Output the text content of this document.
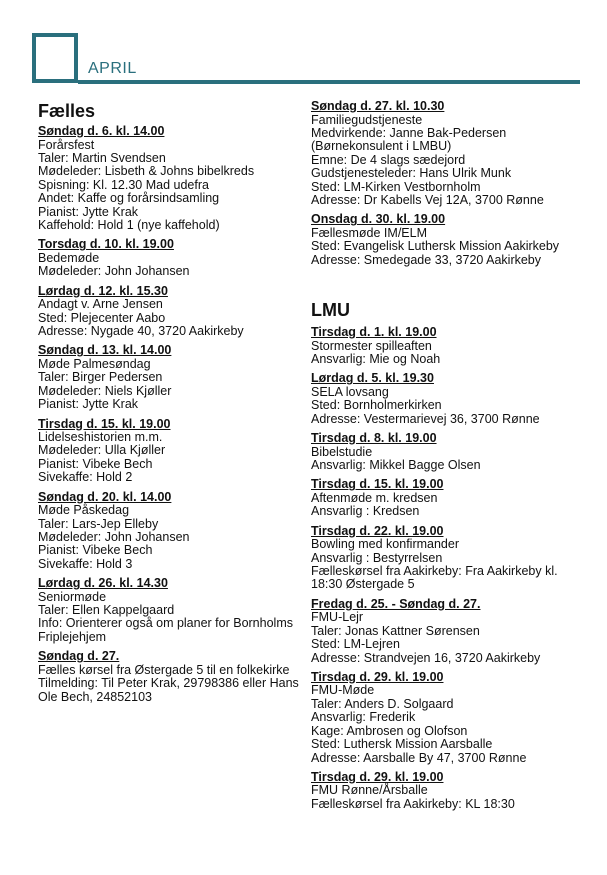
APRIL
Fælles
Søndag d. 6. kl. 14.00
Forårsfest
Taler: Martin Svendsen
Mødeleder: Lisbeth & Johns bibelkreds
Spisning: Kl. 12.30 Mad udefra
Andet: Kaffe og forårsindsamling
Pianist: Jytte Krak
Kaffehold: Hold 1 (nye kaffehold)
Torsdag d. 10. kl. 19.00
Bedemøde
Mødeleder: John Johansen
Lørdag d. 12. kl. 15.30
Andagt v. Arne Jensen
Sted: Plejecenter Aabo
Adresse: Nygade 40, 3720 Aakirkeby
Søndag d. 13. kl. 14.00
Møde Palmesøndag
Taler: Birger Pedersen
Mødeleder: Niels Kjøller
Pianist: Jytte Krak
Tirsdag d. 15. kl. 19.00
Lidelseshistorien m.m.
Mødeleder: Ulla Kjøller
Pianist: Vibeke Bech
Sivekaffe: Hold 2
Søndag d. 20. kl. 14.00
Møde Påskedag
Taler: Lars-Jep Elleby
Mødeleder: John Johansen
Pianist: Vibeke Bech
Sivekaffe: Hold 3
Lørdag d. 26. kl. 14.30
Seniormøde
Taler: Ellen Kappelgaard
Info: Orienterer også om planer for Bornholms Friplejehjem
Søndag d. 27.
Fælles kørsel fra Østergade 5 til en folkekirke
Tilmelding: Til Peter Krak, 29798386 eller Hans Ole Bech, 24852103
Søndag d. 27. kl. 10.30
Familiegudstjeneste
Medvirkende: Janne Bak-Pedersen (Børnekonsulent i LMBU)
Emne: De 4 slags sædejord
Gudstjenesteleder: Hans Ulrik Munk
Sted: LM-Kirken Vestbornholm
Adresse: Dr Kabells Vej 12A, 3700 Rønne
Onsdag d. 30. kl. 19.00
Fællesmøde IM/ELM
Sted: Evangelisk Luthersk Mission Aakirkeby
Adresse: Smedegade 33, 3720 Aakirkeby
LMU
Tirsdag d. 1. kl. 19.00
Stormester spilleaften
Ansvarlig: Mie og Noah
Lørdag d. 5. kl. 19.30
SELA lovsang
Sted: Bornholmerkirken
Adresse: Vestermarievej 36, 3700 Rønne
Tirsdag d. 8. kl. 19.00
Bibelstudie
Ansvarlig: Mikkel Bagge Olsen
Tirsdag d. 15. kl. 19.00
Aftenmøde m. kredsen
Ansvarlig : Kredsen
Tirsdag d. 22. kl. 19.00
Bowling med konfirmander
Ansvarlig : Bestyrrelsen
Fælleskørsel fra Aakirkeby: Fra Aakirkeby kl. 18:30 Østergade 5
Fredag d. 25. - Søndag d. 27.
FMU-Lejr
Taler: Jonas Kattner Sørensen
Sted: LM-Lejren
Adresse: Strandvejen 16, 3720 Aakirkeby
Tirsdag d. 29. kl. 19.00
FMU-Møde
Taler: Anders D. Solgaard
Ansvarlig: Frederik
Kage: Ambrosen og Olofson
Sted: Luthersk Mission Aarsballe
Adresse: Aarsballe By 47, 3700 Rønne
Tirsdag d. 29. kl. 19.00
FMU Rønne/Årsballe
Fælleskørsel fra Aakirkeby: KL 18:30
